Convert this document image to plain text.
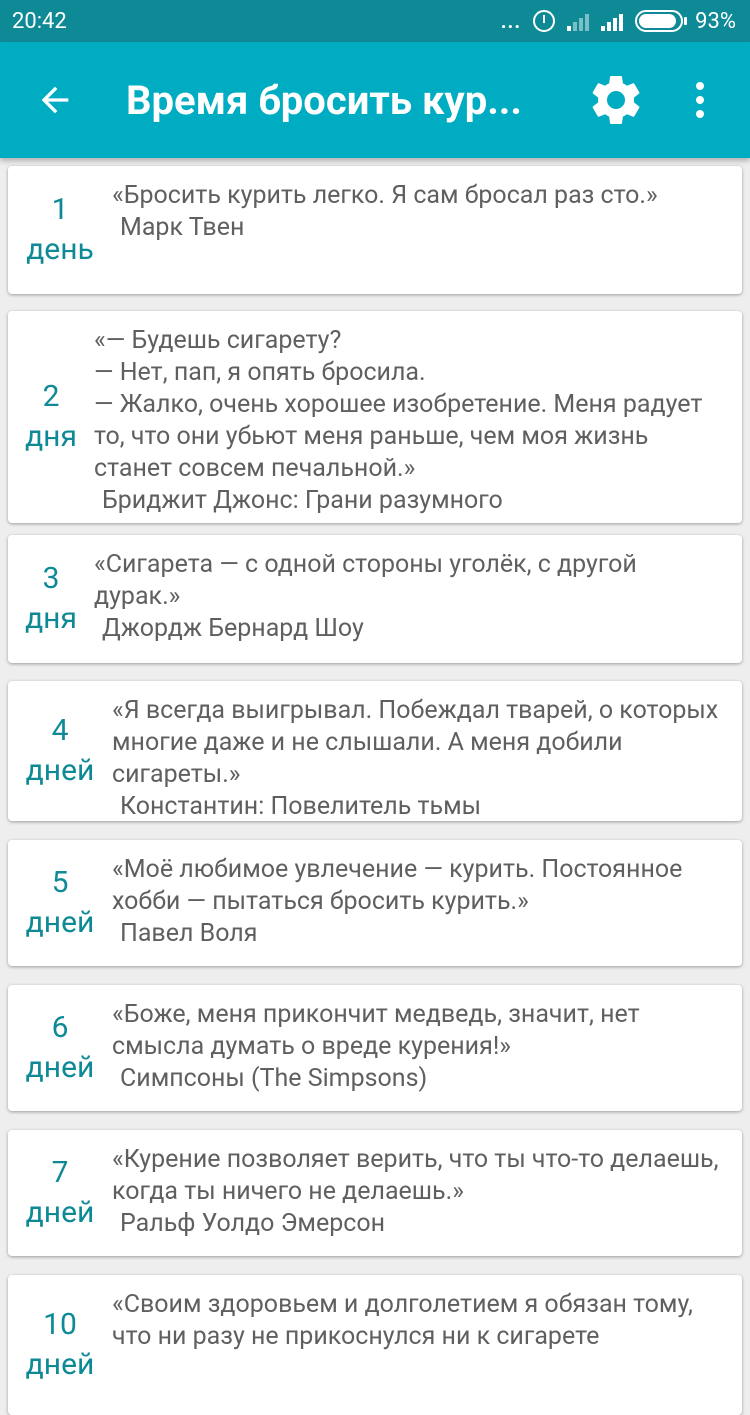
20:42	...	93%
Время бросить кур...
1
день
«Бросить курить легко. Я сам бросал раз сто.»
Марк Твен
2
дня
«— Будешь сигарету?
— Нет, пап, я опять бросила.
— Жалко, очень хорошее изобретение. Меня радует то, что они убьют меня раньше, чем моя жизнь станет совсем печальной.»
Бриджит Джонс: Грани разумного
3
дня
«Сигарета — с одной стороны уголёк, с другой дурак.»
Джордж Бернард Шоу
4
дней
«Я всегда выигрывал. Побеждал тварей, о которых многие даже и не слышали. А меня добили сигареты.»
Константин: Повелитель тьмы
5
дней
«Моё любимое увлечение — курить. Постоянное хобби — пытаться бросить курить.»
Павел Воля
6
дней
«Боже, меня прикончит медведь, значит, нет смысла думать о вреде курения!»
Симпсоны (The Simpsons)
7
дней
«Курение позволяет верить, что ты что-то делаешь, когда ты ничего не делаешь.»
Ральф Уолдо Эмерсон
10
дней
«Своим здоровьем и долголетием я обязан тому, что ни разу не прикоснулся ни к сигарете
